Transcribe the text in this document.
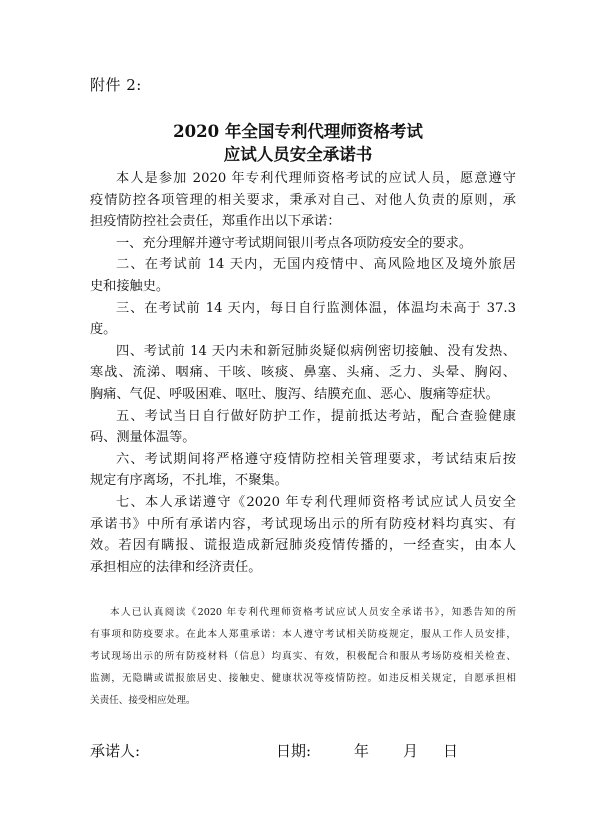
附件 2:
2020 年全国专利代理师资格考试
应试人员安全承诺书
本人是参加 2020 年专利代理师资格考试的应试人员，愿意遵守
疫情防控各项管理的相关要求，秉承对自己、对他人负责的原则，承
担疫情防控社会责任，郑重作出以下承诺：
一、充分理解并遵守考试期间银川考点各项防疫安全的要求。
二、在考试前 14 天内，无国内疫情中、高风险地区及境外旅居
史和接触史。
三、在考试前 14 天内，每日自行监测体温，体温均未高于 37.3
度。
四、考试前 14 天内未和新冠肺炎疑似病例密切接触、没有发热、
寒战、流涕、咽痛、干咳、咳痰、鼻塞、头痛、乏力、头晕、胸闷、
胸痛、气促、呼吸困难、呕吐、腹泻、结膜充血、恶心、腹痛等症状。
五、考试当日自行做好防护工作，提前抵达考站，配合查验健康
码、测量体温等。
六、考试期间将严格遵守疫情防控相关管理要求，考试结束后按
规定有序离场，不扎堆，不聚集。
七、本人承诺遵守《2020 年专利代理师资格考试应试人员安全
承诺书》中所有承诺内容，考试现场出示的所有防疫材料均真实、有
效。若因有瞒报、谎报造成新冠肺炎疫情传播的，一经查实，由本人
承担相应的法律和经济责任。
本人已认真阅读《2020 年专利代理师资格考试应试人员安全承诺书》，知悉告知的所
有事项和防疫要求。在此本人郑重承诺：本人遵守考试相关防疫规定，服从工作人员安排，
考试现场出示的所有防疫材料（信息）均真实、有效，积极配合和服从考场防疫相关检查、
监测，无隐瞒或谎报旅居史、接触史、健康状况等疫情防控。如违反相关规定，自愿承担相
关责任、接受相应处理。
承诺人:	日期:	年 月 日
